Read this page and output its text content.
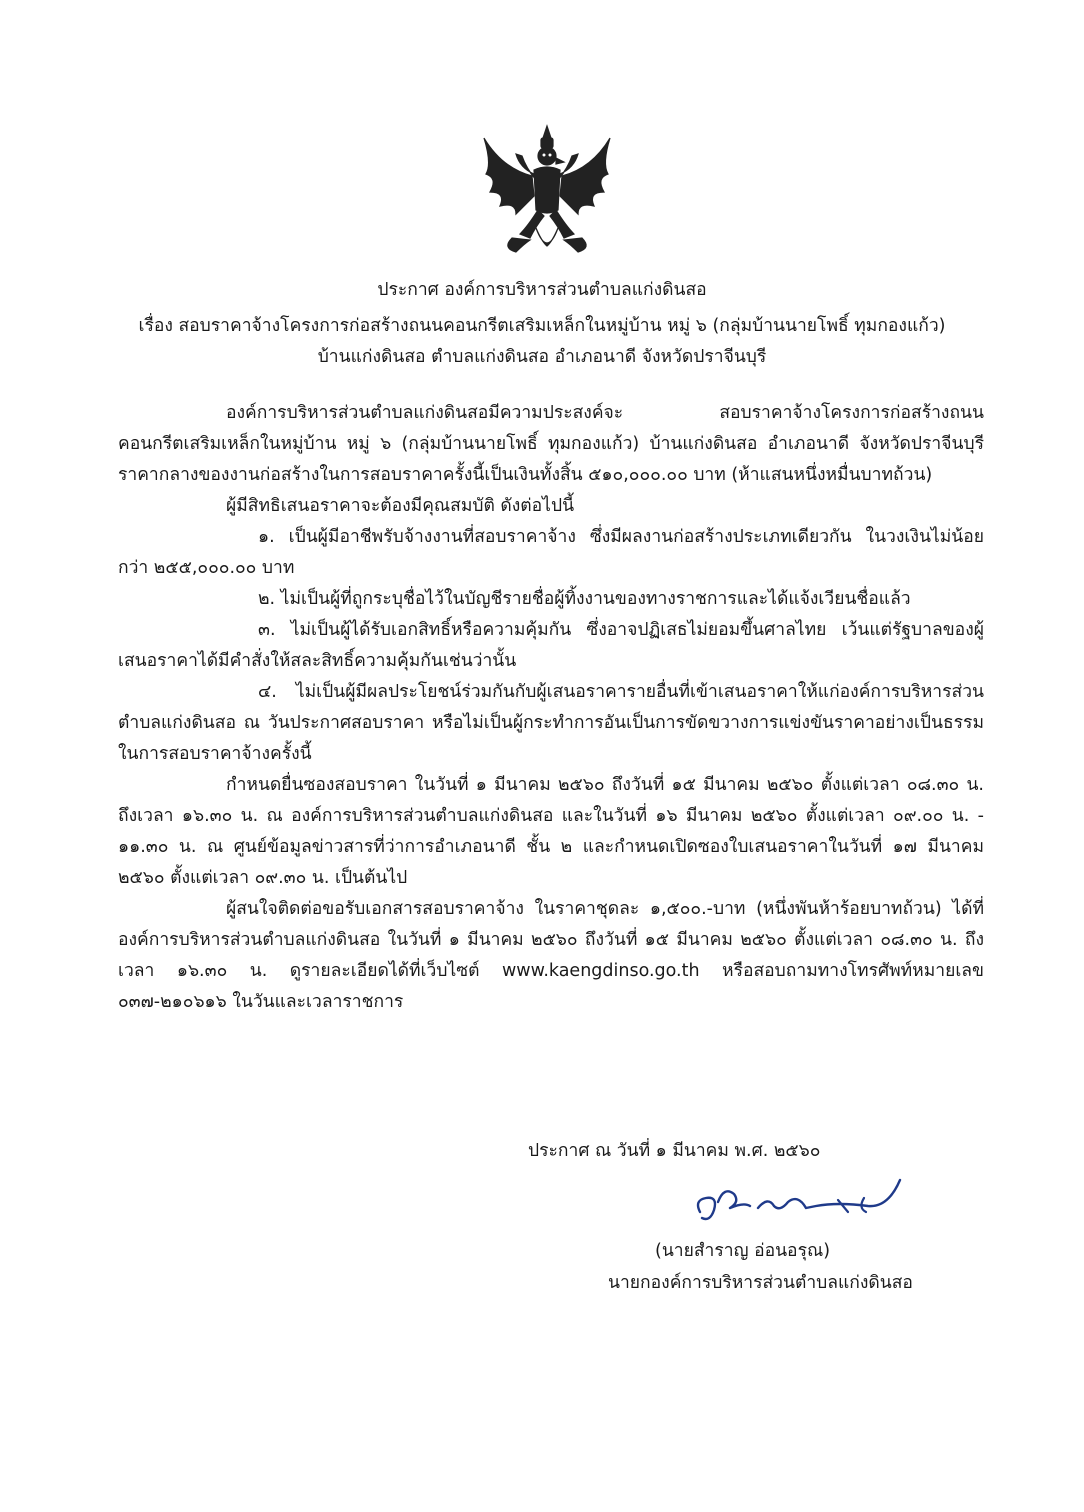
ประกาศ องค์การบริหารส่วนตำบลแก่งดินสอ
เรื่อง สอบราคาจ้างโครงการก่อสร้างถนนคอนกรีตเสริมเหล็กในหมู่บ้าน หมู่ ๖ (กลุ่มบ้านนายโพธิ์ ทุมกองแก้ว)
บ้านแก่งดินสอ ตำบลแก่งดินสอ อำเภอนาดี จังหวัดปราจีนบุรี

องค์การบริหารส่วนตำบลแก่งดินสอมีความประสงค์จะ สอบราคาจ้างโครงการก่อสร้างถนนคอนกรีตเสริมเหล็กในหมู่บ้าน หมู่ ๖ (กลุ่มบ้านนายโพธิ์ ทุมกองแก้ว) บ้านแก่งดินสอ อำเภอนาดี จังหวัดปราจีนบุรี ราคากลางของงานก่อสร้างในการสอบราคาครั้งนี้เป็นเงินทั้งสิ้น ๕๑๐,๐๐๐.๐๐ บาท (ห้าแสนหนึ่งหมื่นบาทถ้วน)

ผู้มีสิทธิเสนอราคาจะต้องมีคุณสมบัติ ดังต่อไปนี้

๑. เป็นผู้มีอาชีพรับจ้างงานที่สอบราคาจ้าง ซึ่งมีผลงานก่อสร้างประเภทเดียวกัน ในวงเงินไม่น้อยกว่า ๒๕๕,๐๐๐.๐๐ บาท

๒. ไม่เป็นผู้ที่ถูกระบุชื่อไว้ในบัญชีรายชื่อผู้ทิ้งงานของทางราชการและได้แจ้งเวียนชื่อแล้ว

๓. ไม่เป็นผู้ได้รับเอกสิทธิ์หรือความคุ้มกัน ซึ่งอาจปฏิเสธไม่ยอมขึ้นศาลไทย เว้นแต่รัฐบาลของผู้เสนอราคาได้มีคำสั่งให้สละสิทธิ์ความคุ้มกันเช่นว่านั้น

๔. ไม่เป็นผู้มีผลประโยชน์ร่วมกันกับผู้เสนอราคารายอื่นที่เข้าเสนอราคาให้แก่องค์การบริหารส่วนตำบลแก่งดินสอ ณ วันประกาศสอบราคา หรือไม่เป็นผู้กระทำการอันเป็นการขัดขวางการแข่งขันราคาอย่างเป็นธรรมในการสอบราคาจ้างครั้งนี้

กำหนดยื่นซองสอบราคา ในวันที่ ๑ มีนาคม ๒๕๖๐ ถึงวันที่ ๑๕ มีนาคม ๒๕๖๐ ตั้งแต่เวลา ๐๘.๓๐ น. ถึงเวลา ๑๖.๓๐ น. ณ องค์การบริหารส่วนตำบลแก่งดินสอ และในวันที่ ๑๖ มีนาคม ๒๕๖๐ ตั้งแต่เวลา ๐๙.๐๐ น. - ๑๑.๓๐ น. ณ ศูนย์ข้อมูลข่าวสารที่ว่าการอำเภอนาดี ชั้น ๒ และกำหนดเปิดซองใบเสนอราคาในวันที่ ๑๗ มีนาคม ๒๕๖๐ ตั้งแต่เวลา ๐๙.๓๐ น. เป็นต้นไป

ผู้สนใจติดต่อขอรับเอกสารสอบราคาจ้าง ในราคาชุดละ ๑,๕๐๐.-บาท (หนึ่งพันห้าร้อยบาทถ้วน) ได้ที่องค์การบริหารส่วนตำบลแก่งดินสอ ในวันที่ ๑ มีนาคม ๒๕๖๐ ถึงวันที่ ๑๕ มีนาคม ๒๕๖๐ ตั้งแต่เวลา ๐๘.๓๐ น. ถึงเวลา ๑๖.๓๐ น. ดูรายละเอียดได้ที่เว็บไซต์ www.kaengdinso.go.th หรือสอบถามทางโทรศัพท์หมายเลข ๐๓๗-๒๑๐๖๑๖ ในวันและเวลาราชการ

ประกาศ ณ วันที่ ๑ มีนาคม พ.ศ. ๒๕๖๐
(นายสำราญ อ่อนอรุณ)
นายกองค์การบริหารส่วนตำบลแก่งดินสอ
